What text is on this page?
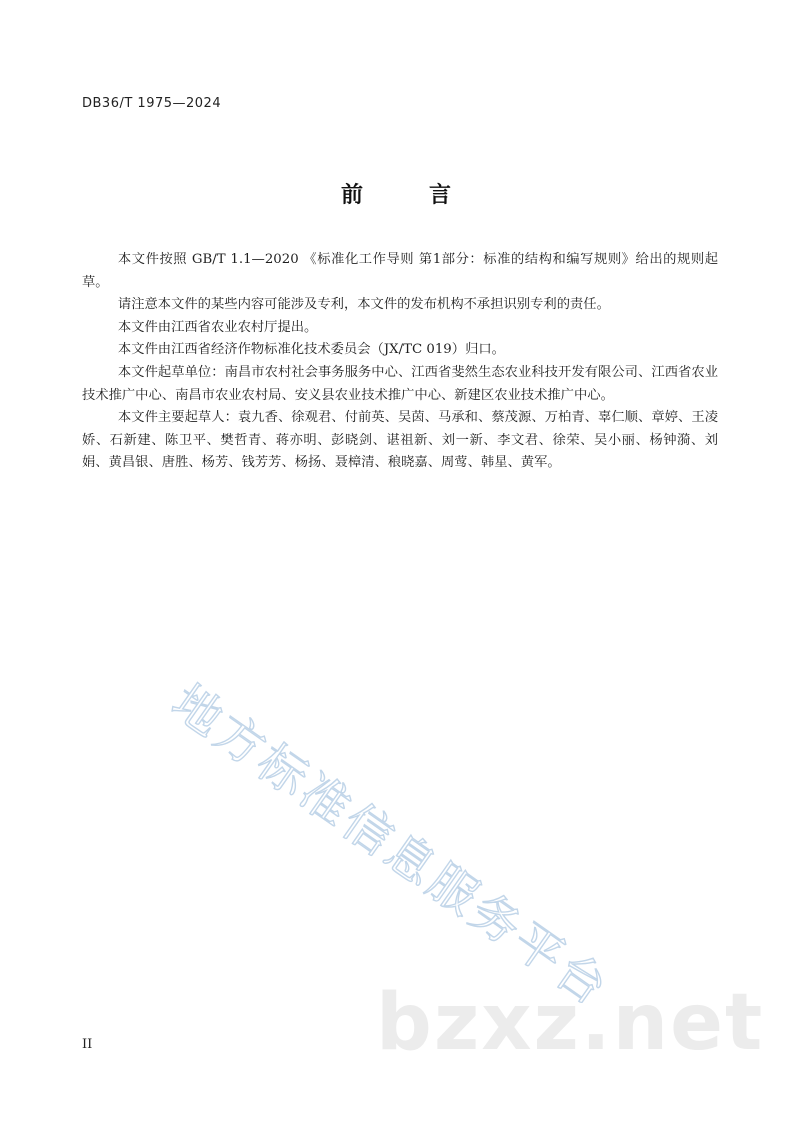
DB36/T 1975—2024
前　言

本文件按照 GB/T 1.1—2020 《标准化工作导则 第1部分：标准的结构和编写规则》给出的规则起草。

请注意本文件的某些内容可能涉及专利，本文件的发布机构不承担识别专利的责任。

本文件由江西省农业农村厅提出。

本文件由江西省经济作物标准化技术委员会（JX/TC 019）归口。

本文件起草单位：南昌市农村社会事务服务中心、江西省斐然生态农业科技开发有限公司、江西省农业技术推广中心、南昌市农业农村局、安义县农业技术推广中心、新建区农业技术推广中心。

本文件主要起草人：袁九香、徐观君、付前英、吴茵、马承和、蔡茂源、万柏青、辜仁顺、章婷、王凌娇、石新建、陈卫平、樊哲青、蒋亦明、彭晓剑、谌祖新、刘一新、李文君、徐荣、吴小丽、杨钟漪、刘娟、黄昌银、唐胜、杨芳、钱芳芳、杨扬、聂樟清、稂晓嘉、周莺、韩星、黄军。

地方标准信息服务平台
bzxz.net
II
